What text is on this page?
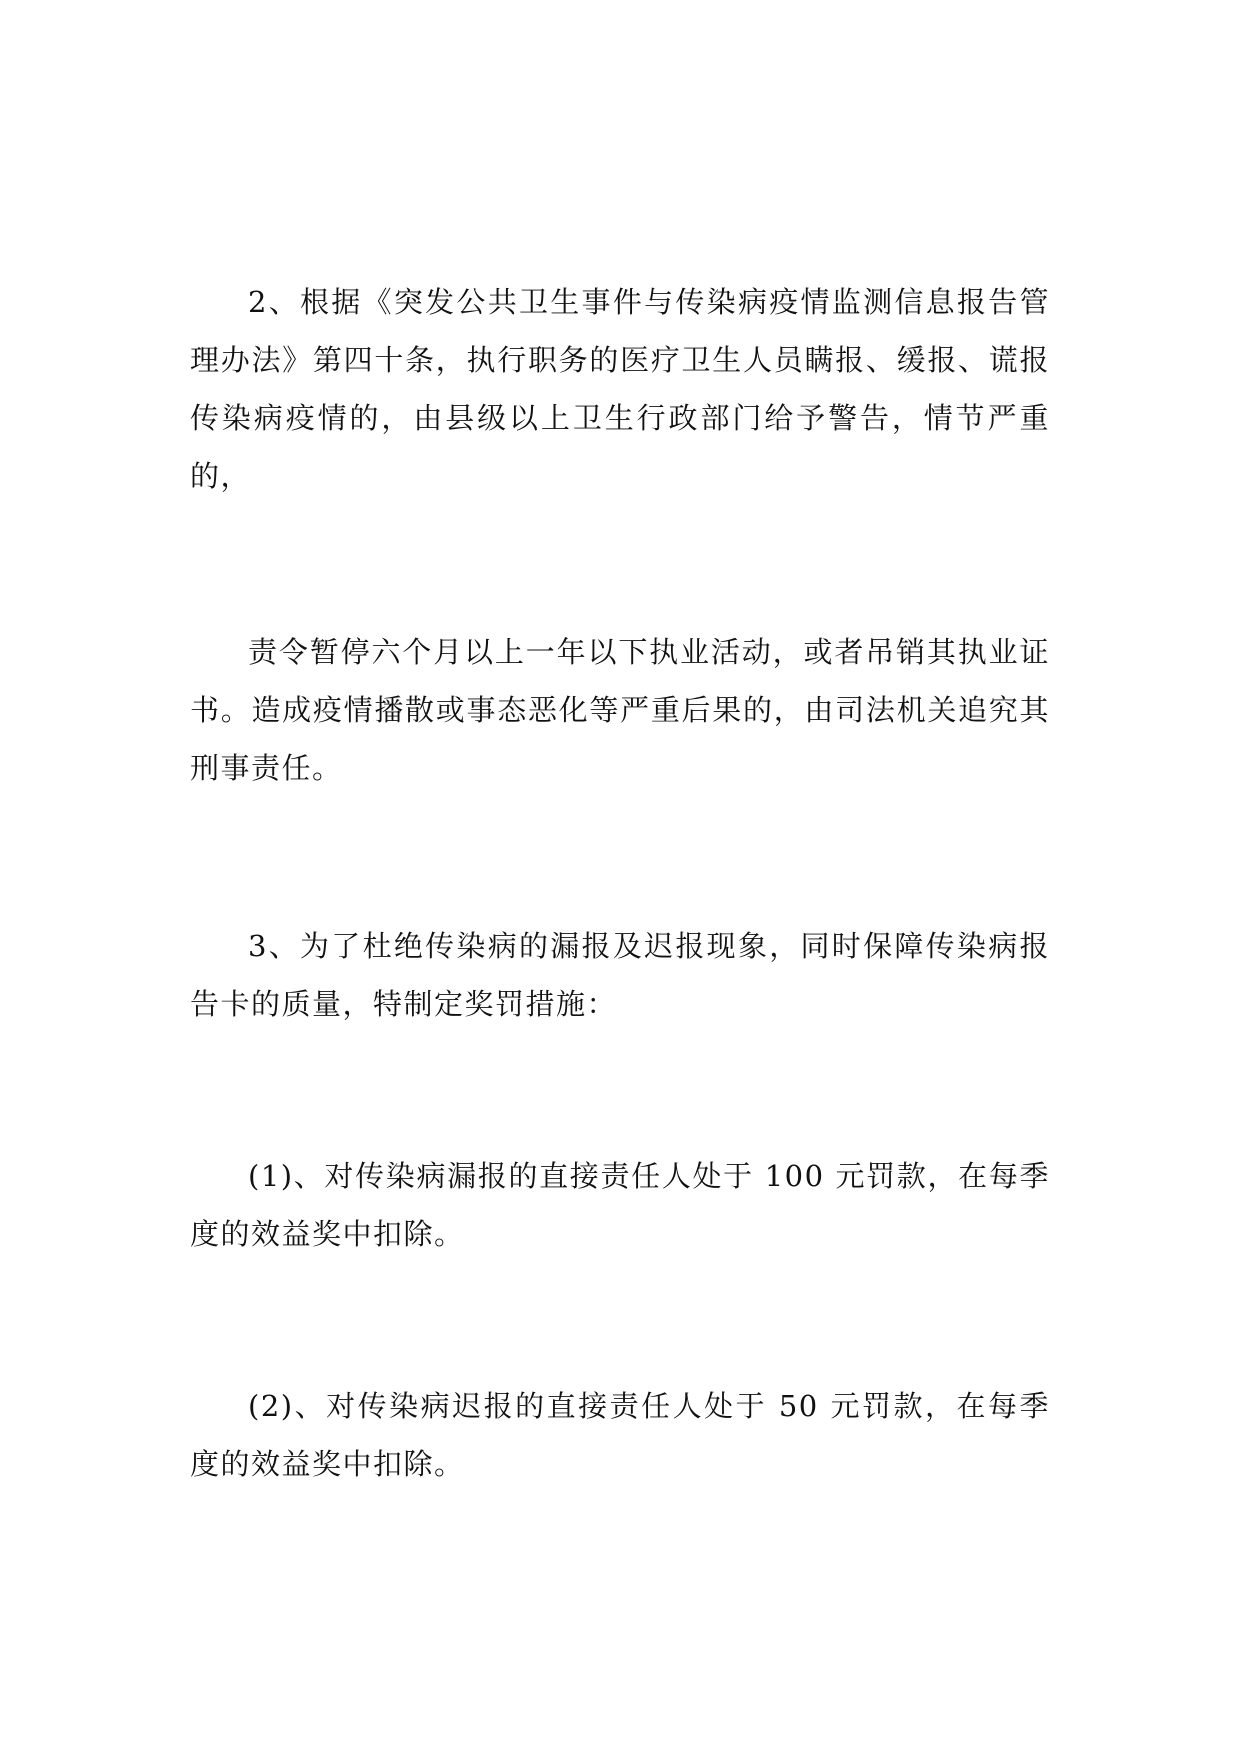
2、根据《突发公共卫生事件与传染病疫情监测信息报告管理办法》第四十条，执行职务的医疗卫生人员瞒报、缓报、谎报传染病疫情的，由县级以上卫生行政部门给予警告，情节严重的，

责令暂停六个月以上一年以下执业活动，或者吊销其执业证书。造成疫情播散或事态恶化等严重后果的，由司法机关追究其刑事责任。

3、为了杜绝传染病的漏报及迟报现象，同时保障传染病报告卡的质量，特制定奖罚措施：

(1)、对传染病漏报的直接责任人处于 100 元罚款，在每季度的效益奖中扣除。

(2)、对传染病迟报的直接责任人处于 50 元罚款，在每季度的效益奖中扣除。
